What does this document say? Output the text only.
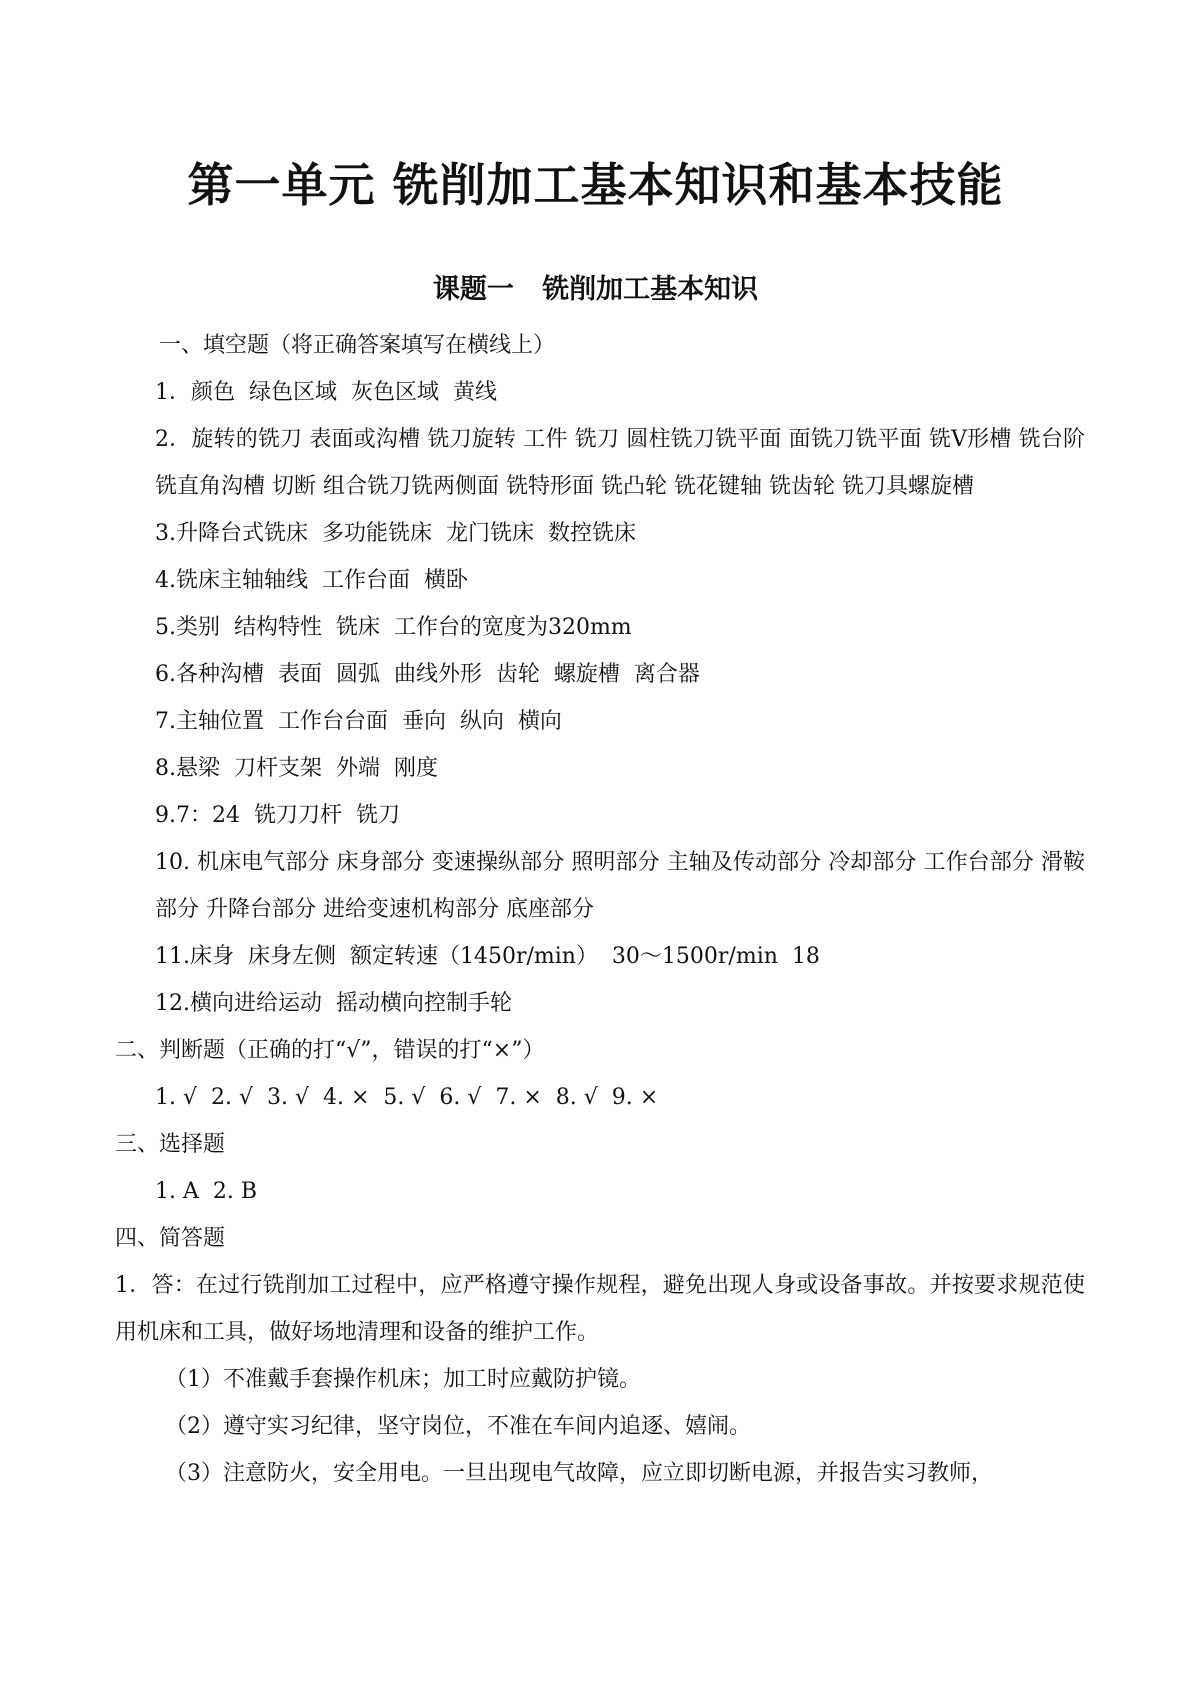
第一单元 铣削加工基本知识和基本技能
课题一   铣削加工基本知识

一、填空题（将正确答案填写在横线上）

1．颜色  绿色区域  灰色区域  黄线

2．旋转的铣刀 表面或沟槽 铣刀旋转 工件 铣刀 圆柱铣刀铣平面 面铣刀铣平面 铣Ⅴ形槽 铣台阶 铣直角沟槽 切断 组合铣刀铣两侧面 铣特形面 铣凸轮 铣花键轴 铣齿轮 铣刀具螺旋槽

3.升降台式铣床  多功能铣床  龙门铣床  数控铣床

4.铣床主轴轴线  工作台面  横卧

5.类别  结构特性  铣床  工作台的宽度为320mm

6.各种沟槽  表面  圆弧  曲线外形  齿轮  螺旋槽  离合器

7.主轴位置  工作台台面  垂向  纵向  横向

8.悬梁  刀杆支架  外端  刚度

9.7：24  铣刀刀杆  铣刀

10. 机床电气部分 床身部分 变速操纵部分 照明部分 主轴及传动部分 冷却部分 工作台部分 滑鞍部分 升降台部分 进给变速机构部分 底座部分

11.床身  床身左侧  额定转速（1450r/min）  30～1500r/min  18

12.横向进给运动  摇动横向控制手轮

二、判断题（正确的打“√”，错误的打“×”）

1. √  2. √  3. √  4. ×  5. √  6. √  7. ×  8. √  9. ×

三、选择题

1. A  2. B

四、简答题

1．答：在过行铣削加工过程中，应严格遵守操作规程，避免出现人身或设备事故。并按要求规范使用机床和工具，做好场地清理和设备的维护工作。

（1）不准戴手套操作机床；加工时应戴防护镜。

（2）遵守实习纪律，坚守岗位，不准在车间内追逐、嬉闹。

（3）注意防火，安全用电。一旦出现电气故障，应立即切断电源，并报告实习教师，
